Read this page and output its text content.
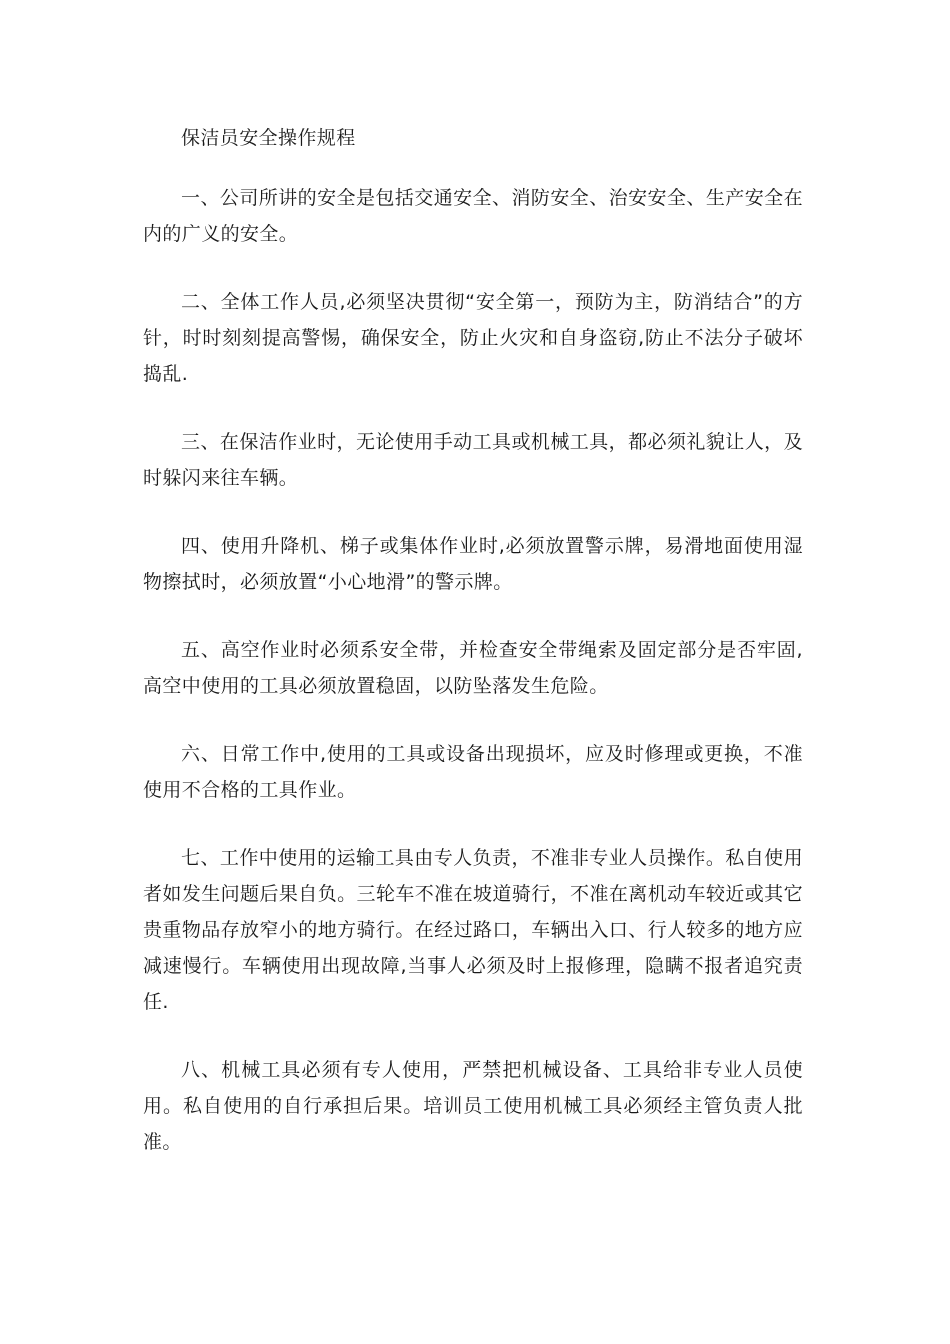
保洁员安全操作规程

一、公司所讲的安全是包括交通安全、消防安全、治安安全、生产安全在内的广义的安全。

二、全体工作人员,必须坚决贯彻“安全第一，预防为主，防消结合”的方针，时时刻刻提高警惕，确保安全，防止火灾和自身盗窃,防止不法分子破坏捣乱.

三、在保洁作业时，无论使用手动工具或机械工具，都必须礼貌让人，及时躲闪来往车辆。

四、使用升降机、梯子或集体作业时,必须放置警示牌，易滑地面使用湿物擦拭时，必须放置“小心地滑”的警示牌。

五、高空作业时必须系安全带，并检查安全带绳索及固定部分是否牢固,高空中使用的工具必须放置稳固，以防坠落发生危险。

六、日常工作中,使用的工具或设备出现损坏，应及时修理或更换，不准使用不合格的工具作业。

七、工作中使用的运输工具由专人负责，不准非专业人员操作。私自使用者如发生问题后果自负。三轮车不准在坡道骑行，不准在离机动车较近或其它贵重物品存放窄小的地方骑行。在经过路口，车辆出入口、行人较多的地方应减速慢行。车辆使用出现故障,当事人必须及时上报修理，隐瞒不报者追究责任.

八、机械工具必须有专人使用，严禁把机械设备、工具给非专业人员使用。私自使用的自行承担后果。培训员工使用机械工具必须经主管负责人批准。
